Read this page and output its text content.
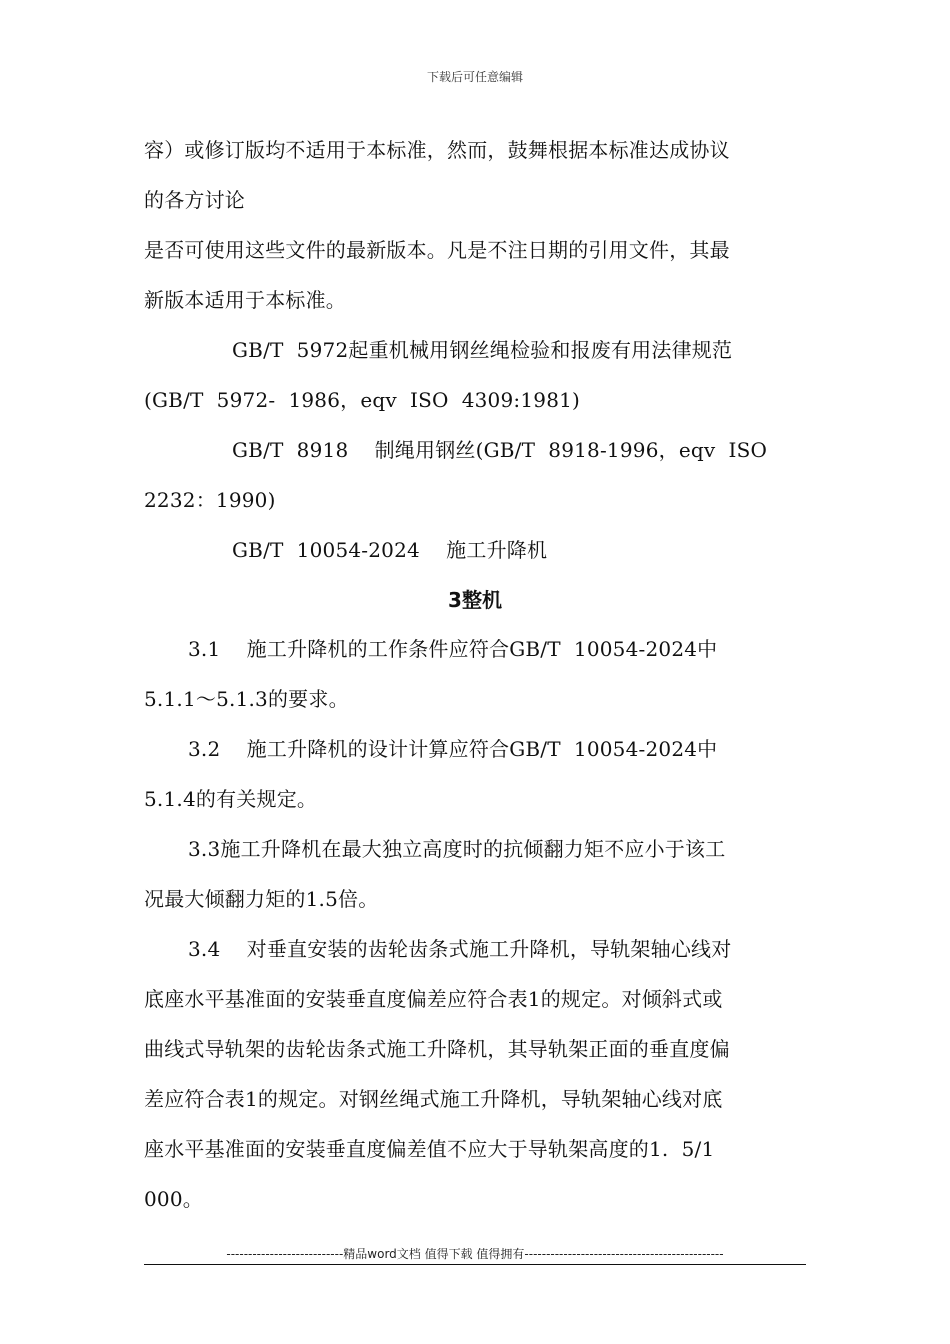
下载后可任意编辑
容）或修订版均不适用于本标准，然而，鼓舞根据本标准达成协议
的各方讨论
是否可使用这些文件的最新版本。凡是不注日期的引用文件，其最
新版本适用于本标准。
GB/T  5972起重机械用钢丝绳检验和报废有用法律规范
(GB/T  5972-  1986，eqv  ISO  4309:1981)
GB/T  8918    制绳用钢丝(GB/T  8918-1996，eqv  ISO
2232：1990)
GB/T  10054-2024    施工升降机
3整机
3.1    施工升降机的工作条件应符合GB/T  10054-2024中
5.1.1～5.1.3的要求。
3.2    施工升降机的设计计算应符合GB/T  10054-2024中
5.1.4的有关规定。
3.3施工升降机在最大独立高度时的抗倾翻力矩不应小于该工
况最大倾翻力矩的1.5倍。
3.4    对垂直安装的齿轮齿条式施工升降机，导轨架轴心线对
底座水平基准面的安装垂直度偏差应符合表1的规定。对倾斜式或
曲线式导轨架的齿轮齿条式施工升降机，其导轨架正面的垂直度偏
差应符合表1的规定。对钢丝绳式施工升降机，导轨架轴心线对底
座水平基准面的安装垂直度偏差值不应大于导轨架高度的1.  5/1
000。
---------------------------精品word文档 值得下载 值得拥有----------------------------------------------
